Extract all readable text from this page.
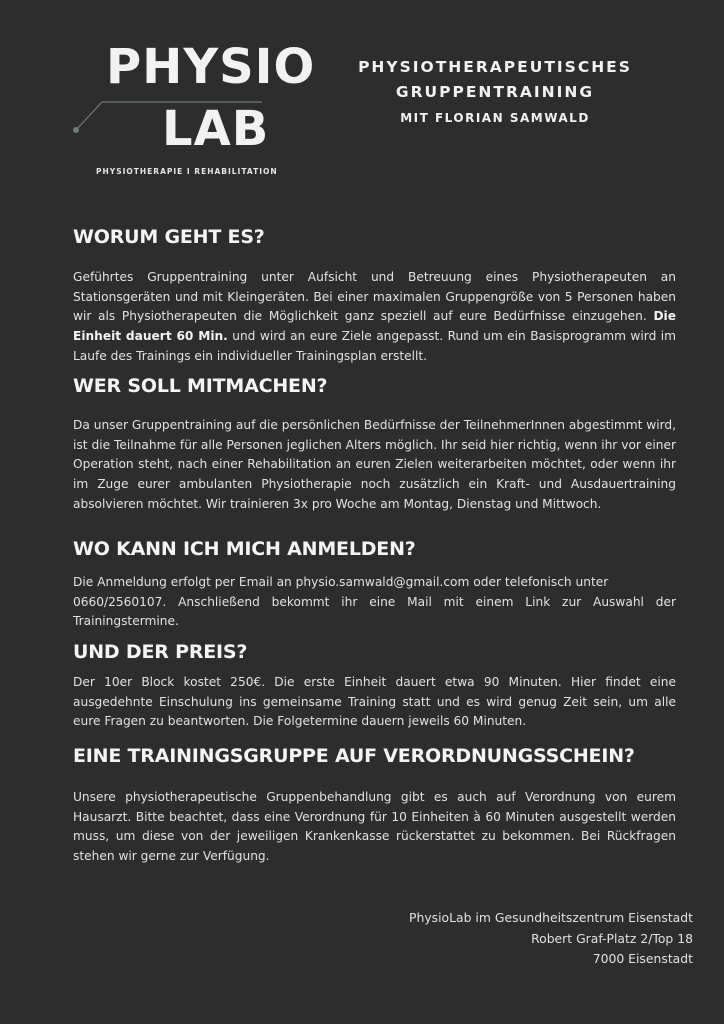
PHYSIO
LAB
PHYSIOTHERAPIE I REHABILITATION
PHYSIOTHERAPEUTISCHES
GRUPPENTRAINING
MIT FLORIAN SAMWALD
WORUM GEHT ES?

Geführtes Gruppentraining unter Aufsicht und Betreuung eines Physiotherapeuten an Stationsgeräten und mit Kleingeräten. Bei einer maximalen Gruppengröße von 5 Personen haben wir als Physiotherapeuten die Möglichkeit ganz speziell auf eure Bedürfnisse einzugehen. Die Einheit dauert 60 Min. und wird an eure Ziele angepasst. Rund um ein Basisprogramm wird im Laufe des Trainings ein individueller Trainingsplan erstellt.

WER SOLL MITMACHEN?

Da unser Gruppentraining auf die persönlichen Bedürfnisse der TeilnehmerInnen abgestimmt wird, ist die Teilnahme für alle Personen jeglichen Alters möglich. Ihr seid hier richtig, wenn ihr vor einer Operation steht, nach einer Rehabilitation an euren Zielen weiterarbeiten möchtet, oder wenn ihr im Zuge eurer ambulanten Physiotherapie noch zusätzlich ein Kraft- und Ausdauertraining absolvieren möchtet. Wir trainieren 3x pro Woche am Montag, Dienstag und Mittwoch.

WO KANN ICH MICH ANMELDEN?

Die Anmeldung erfolgt per Email an physio.samwald@gmail.com oder telefonisch unter

0660/2560107. Anschließend bekommt ihr eine Mail mit einem Link zur Auswahl der Trainingstermine.

UND DER PREIS?

Der 10er Block kostet 250€. Die erste Einheit dauert etwa 90 Minuten. Hier findet eine ausgedehnte Einschulung ins gemeinsame Training statt und es wird genug Zeit sein, um alle eure Fragen zu beantworten. Die Folgetermine dauern jeweils 60 Minuten.

EINE TRAININGSGRUPPE AUF VERORDNUNGSSCHEIN?

Unsere physiotherapeutische Gruppenbehandlung gibt es auch auf Verordnung von eurem Hausarzt. Bitte beachtet, dass eine Verordnung für 10 Einheiten à 60 Minuten ausgestellt werden muss, um diese von der jeweiligen Krankenkasse rückerstattet zu bekommen. Bei Rückfragen stehen wir gerne zur Verfügung.

PhysioLab im Gesundheitszentrum Eisenstadt
Robert Graf-Platz 2/Top 18
7000 Eisenstadt
